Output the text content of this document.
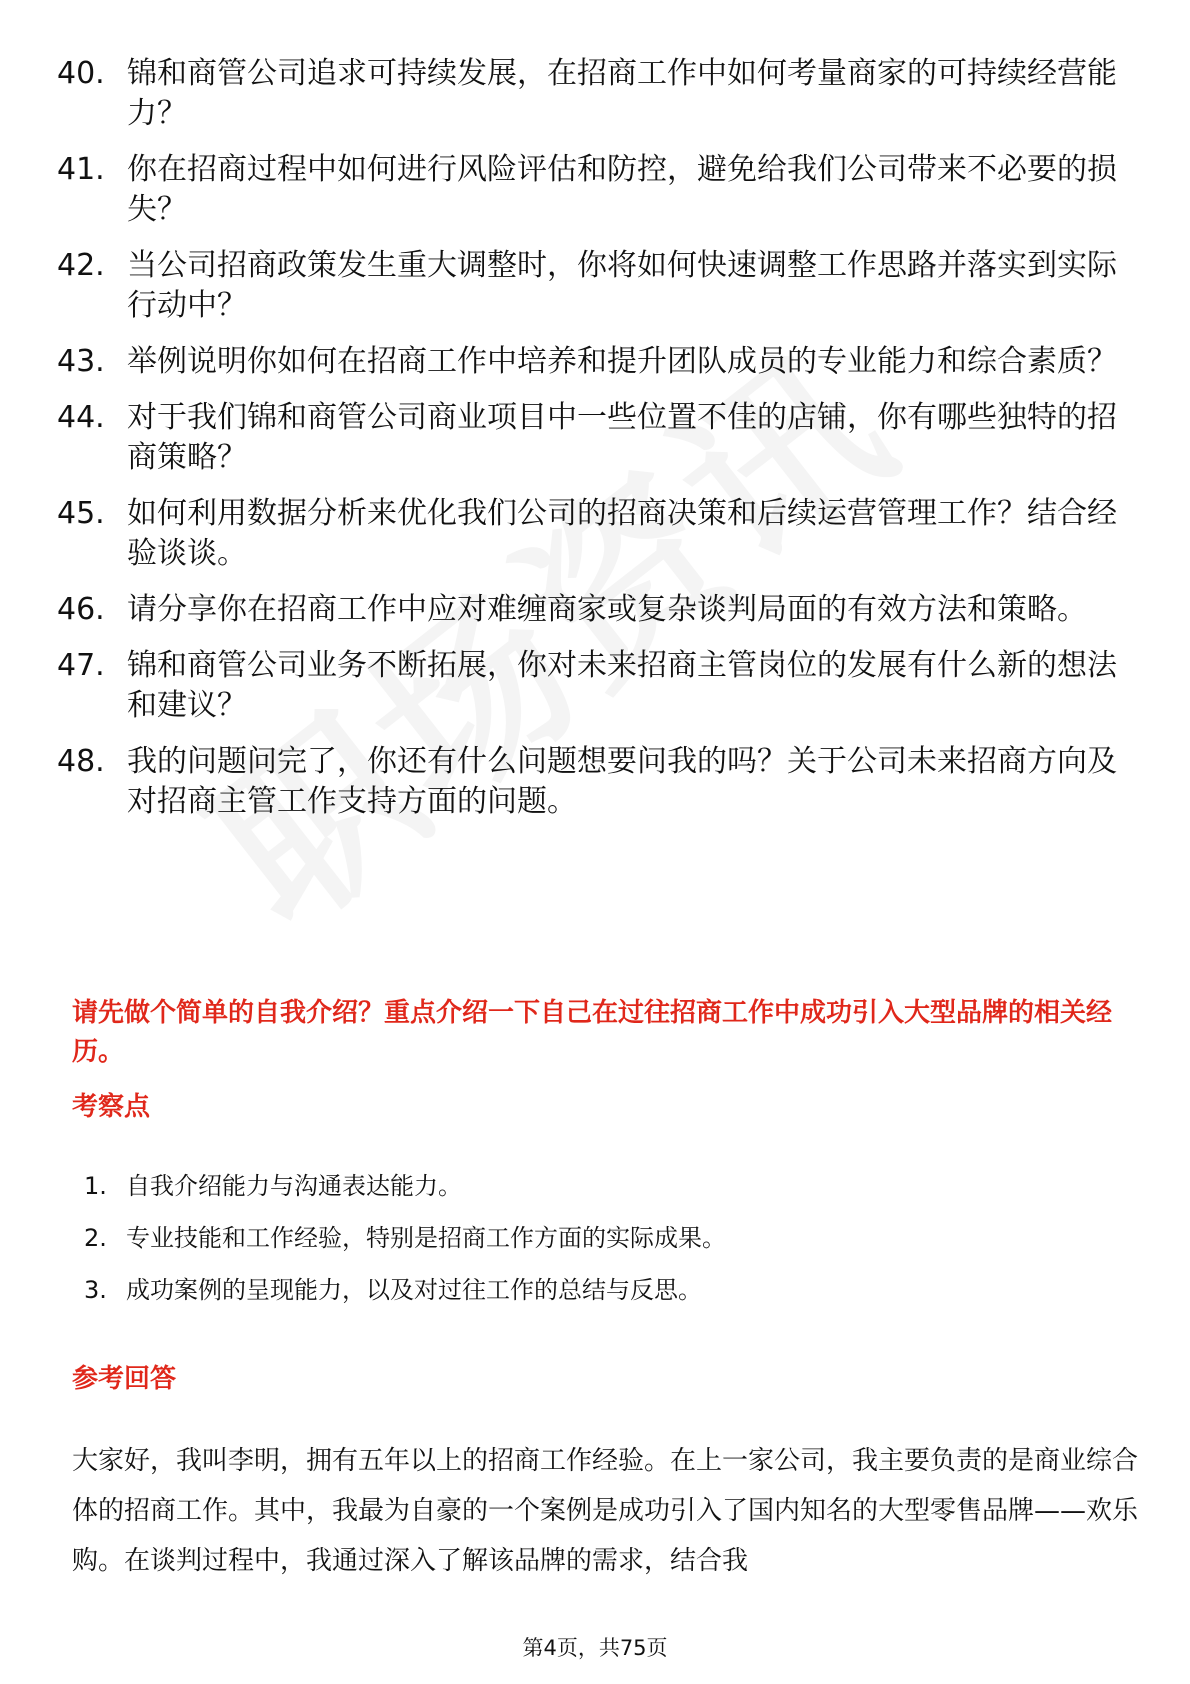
40. 锦和商管公司追求可持续发展，在招商工作中如何考量商家的可持续经营能力？
41. 你在招商过程中如何进行风险评估和防控，避免给我们公司带来不必要的损失？
42. 当公司招商政策发生重大调整时，你将如何快速调整工作思路并落实到实际行动中？
43. 举例说明你如何在招商工作中培养和提升团队成员的专业能力和综合素质？
44. 对于我们锦和商管公司商业项目中一些位置不佳的店铺，你有哪些独特的招商策略？
45. 如何利用数据分析来优化我们公司的招商决策和后续运营管理工作？结合经验谈谈。
46. 请分享你在招商工作中应对难缠商家或复杂谈判局面的有效方法和策略。
47. 锦和商管公司业务不断拓展，你对未来招商主管岗位的发展有什么新的想法和建议？
48. 我的问题问完了，你还有什么问题想要问我的吗？关于公司未来招商方向及对招商主管工作支持方面的问题。

请先做个简单的自我介绍？重点介绍一下自己在过往招商工作中成功引入大型品牌的相关经历。

考察点
1. 自我介绍能力与沟通表达能力。
2. 专业技能和工作经验，特别是招商工作方面的实际成果。
3. 成功案例的呈现能力，以及对过往工作的总结与反思。
参考回答

大家好，我叫李明，拥有五年以上的招商工作经验。在上一家公司，我主要负责的是商业综合体的招商工作。其中，我最为自豪的一个案例是成功引入了国内知名的大型零售品牌——欢乐购。在谈判过程中，我通过深入了解该品牌的需求，结合我

第4页，共75页
